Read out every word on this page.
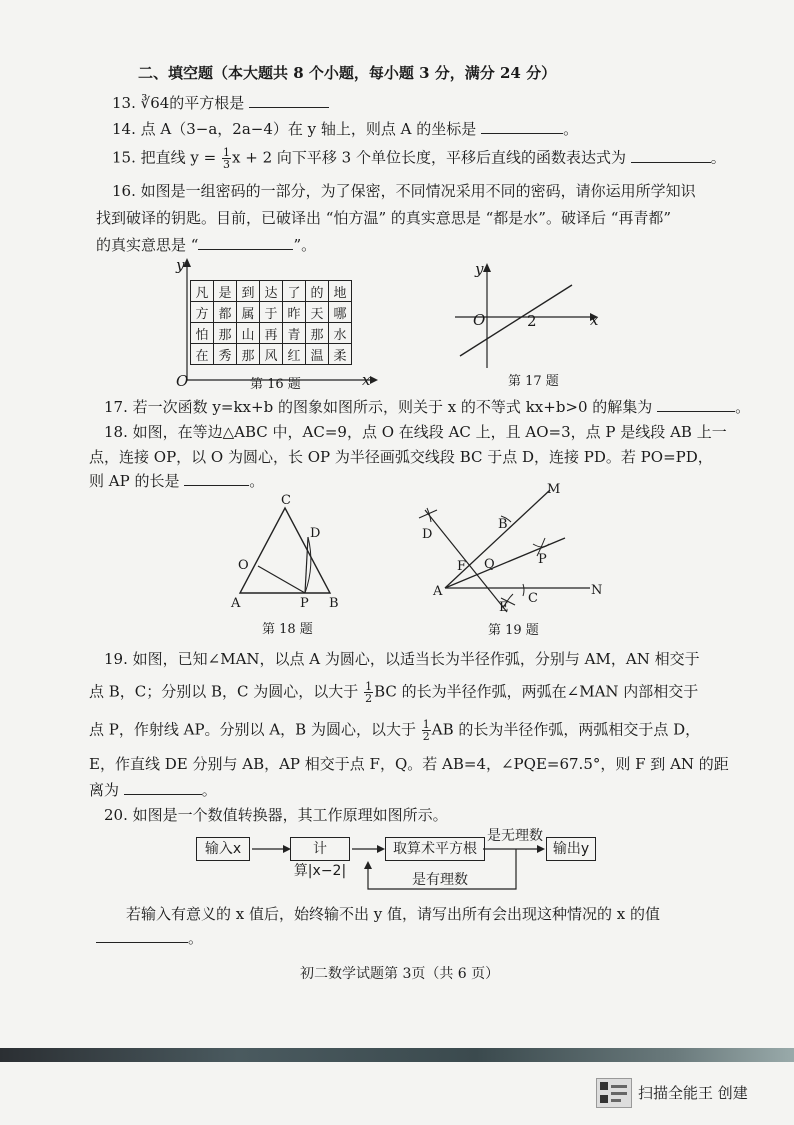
二、填空题（本大题共 8 个小题，每小题 3 分，满分 24 分）
13. ∛64的平方根是
14. 点 A（3−a，2a−4）在 y 轴上，则点 A 的坐标是	。
15. 把直线 $y = \frac{1}{3}$ x + 2 向下平移 3 个单位长度，平移后直线的函数表达式为	。
16. 如图是一组密码的一部分，为了保密，不同情况采用不同的密码，请你运用所学知识
找到破译的钥匙。目前，已破译出 “怕方温” 的真实意思是 “都是水”。破译后 “再青都”
的真实意思是 “	”。
y
x
O
凡	是	到	达	了	的	地
方	都	属	于	昨	天	哪
怕	那	山	再	青	那	水
在	秀	那	风	红	温	柔
第 16 题
y
x
O	2
第 17 题
17. 若一次函数 y=kx+b 的图象如图所示，则关于 x 的不等式 kx+b>0 的解集为	。
18. 如图，在等边△ABC 中，AC=9，点 O 在线段 AC 上，且 AO=3，点 P 是线段 AB 上一
点，连接 OP，以 O 为圆心，长 OP 为半径画弧交线段 BC 于点 D，连接 PD。若 PO=PD，
则 AP 的长是	。
C
D
O
A	P B
第 18 题
M
D
B
F Q	P
A
E
C
N
第 19 题
19. 如图，已知∠MAN，以点 A 为圆心，以适当长为半径作弧，分别与 AM，AN 相交于
点 B，C；分别以 B，C 为圆心，以大于 $\frac{1}{2}$ BC 的长为半径作弧，两弧在∠MAN 内部相交于
点 P，作射线 AP。分别以 A，B 为圆心，以大于 $\frac{1}{2}$ AB 的长为半径作弧，两弧相交于点 D，
E，作直线 DE 分别与 AB，AP 相交于点 F，Q。若 AB=4，∠PQE=67.5°，则 F 到 AN 的距
离为	。
20. 如图是一个数值转换器，其工作原理如图所示。
输入x	计算|x−2|
取算术平方根	输出y
是无理数
是有理数
若输入有意义的 x 值后，始终输不出 y 值，请写出所有会出现这种情况的 x 的值
。
初二数学试题第 3页（共 6 页）
扫描全能王 创建
